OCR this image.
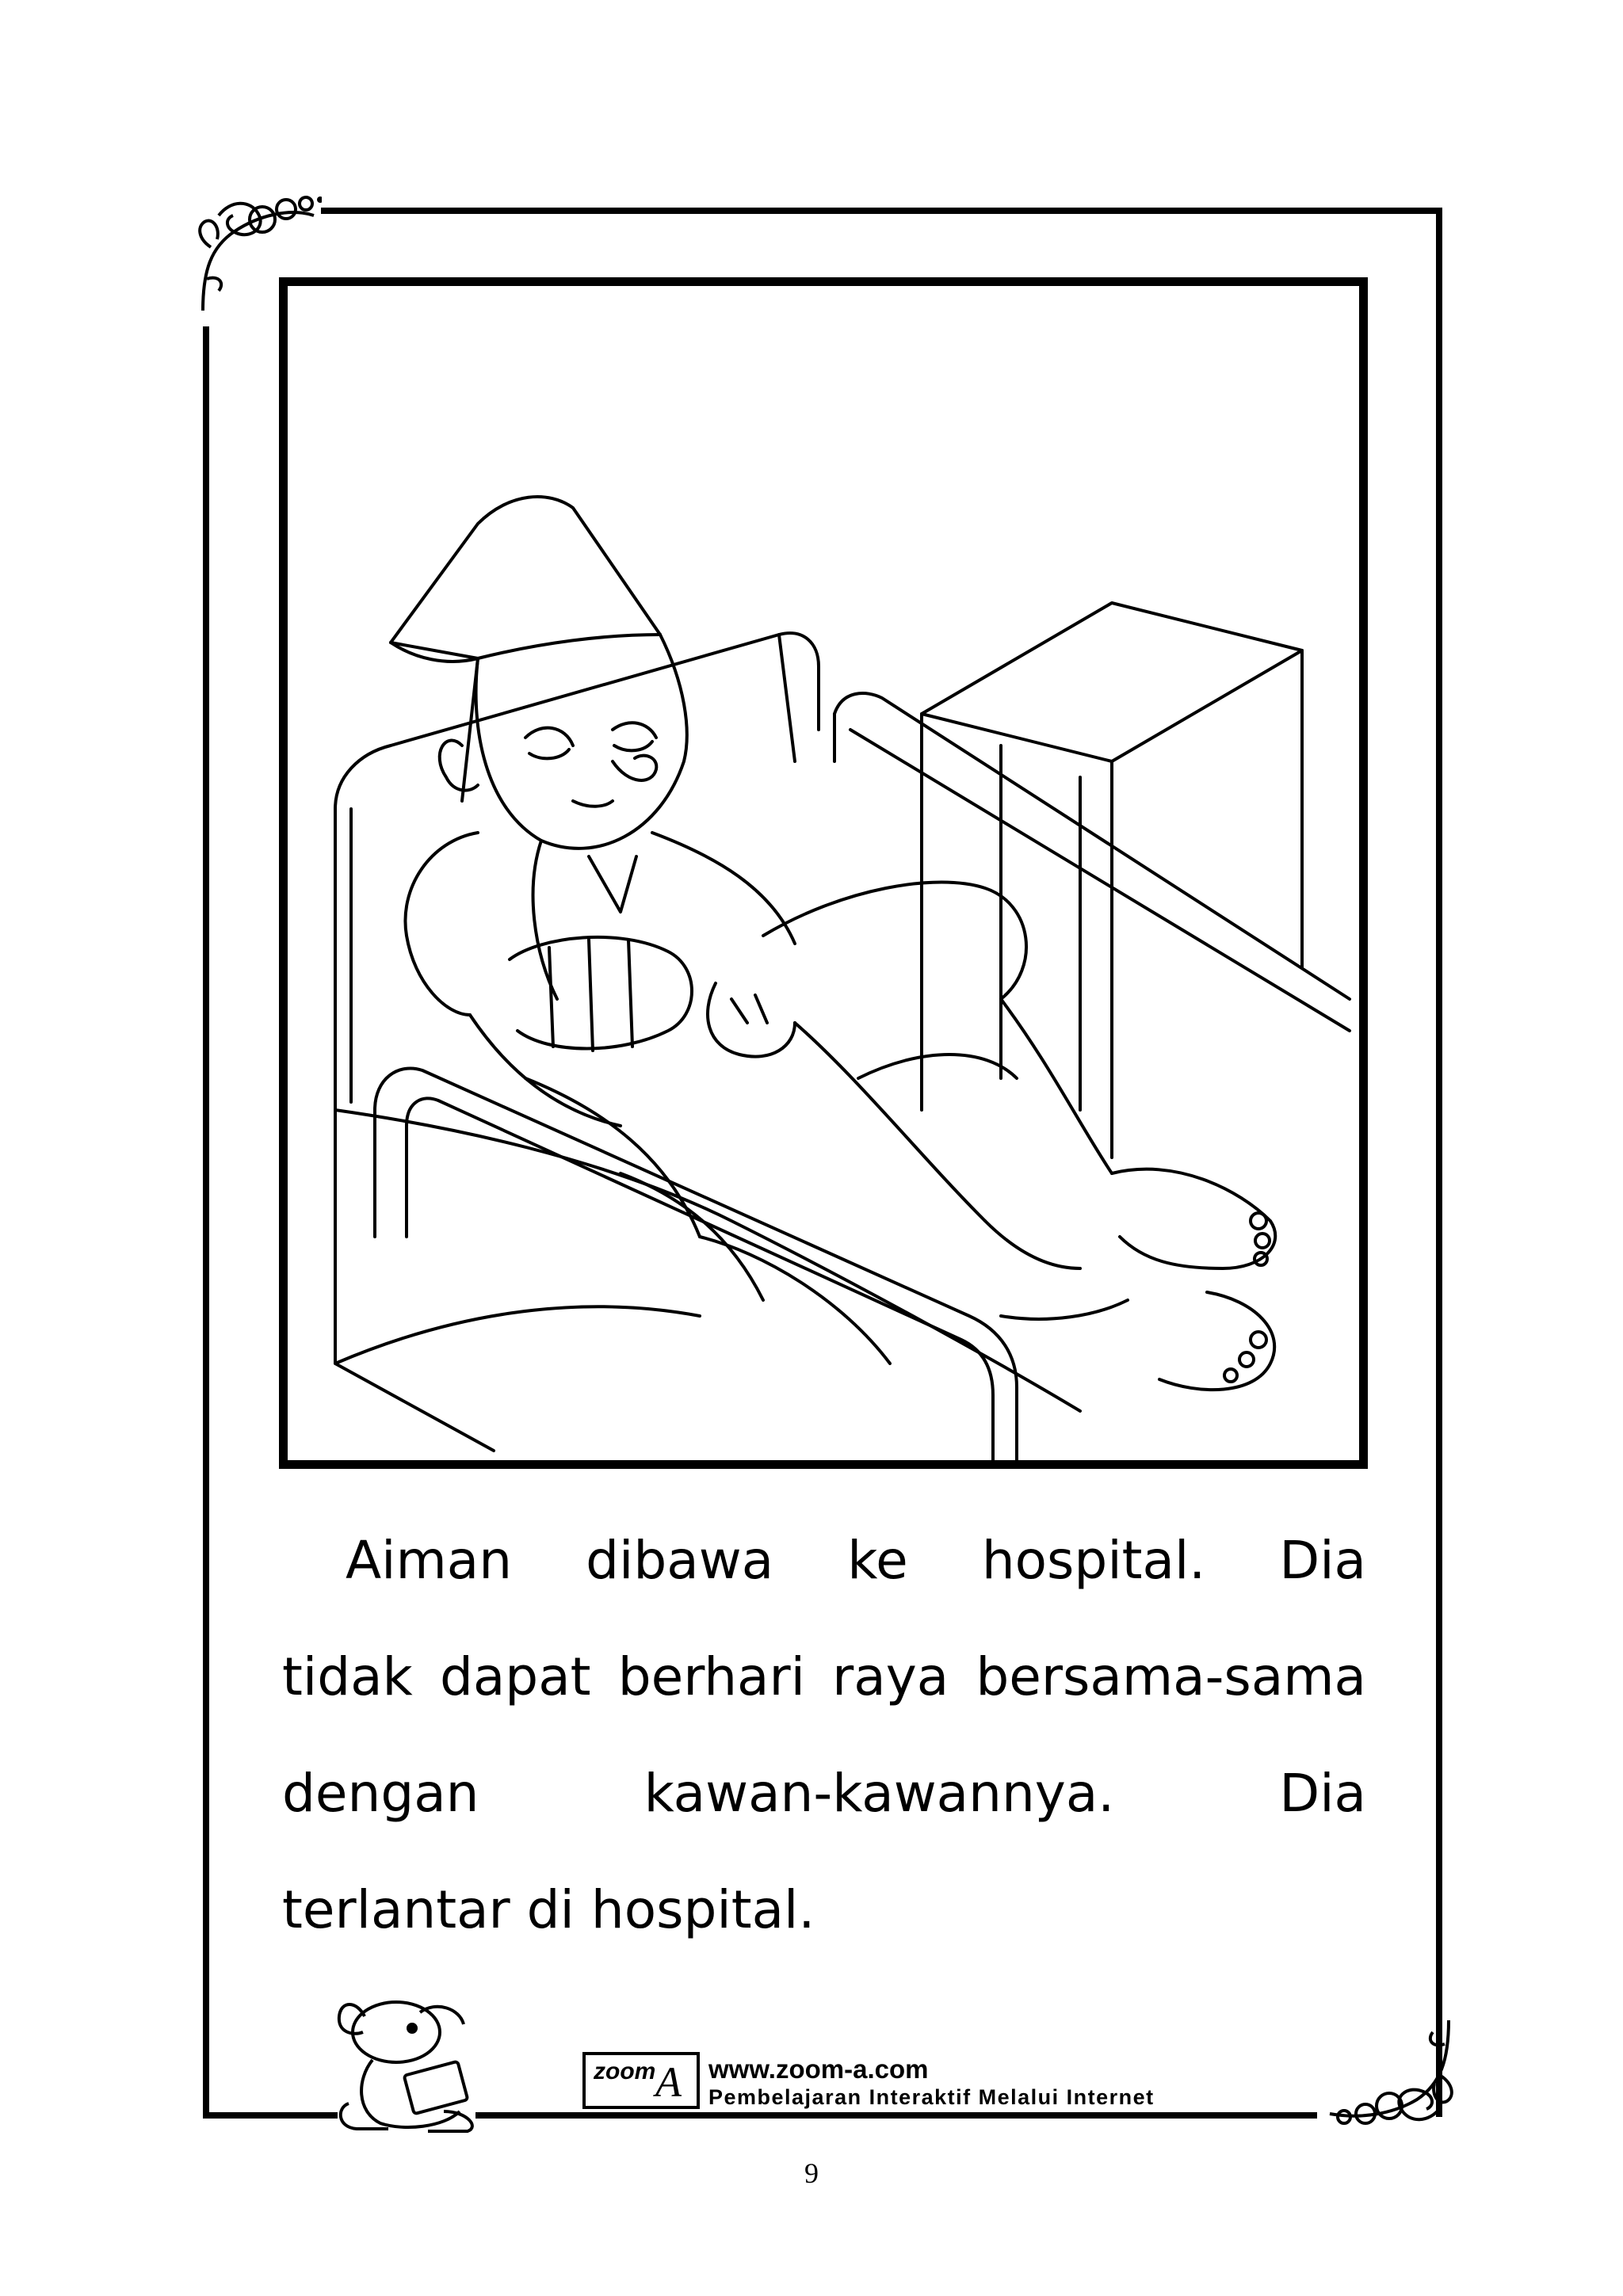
Aiman dibawa ke hospital. Dia
tidak dapat berhari raya bersama-sama
dengan kawan-kawannya. Dia
terlantar di hospital.
zoom A www.zoom-a.com
Pembelajaran Interaktif Melalui Internet
9
